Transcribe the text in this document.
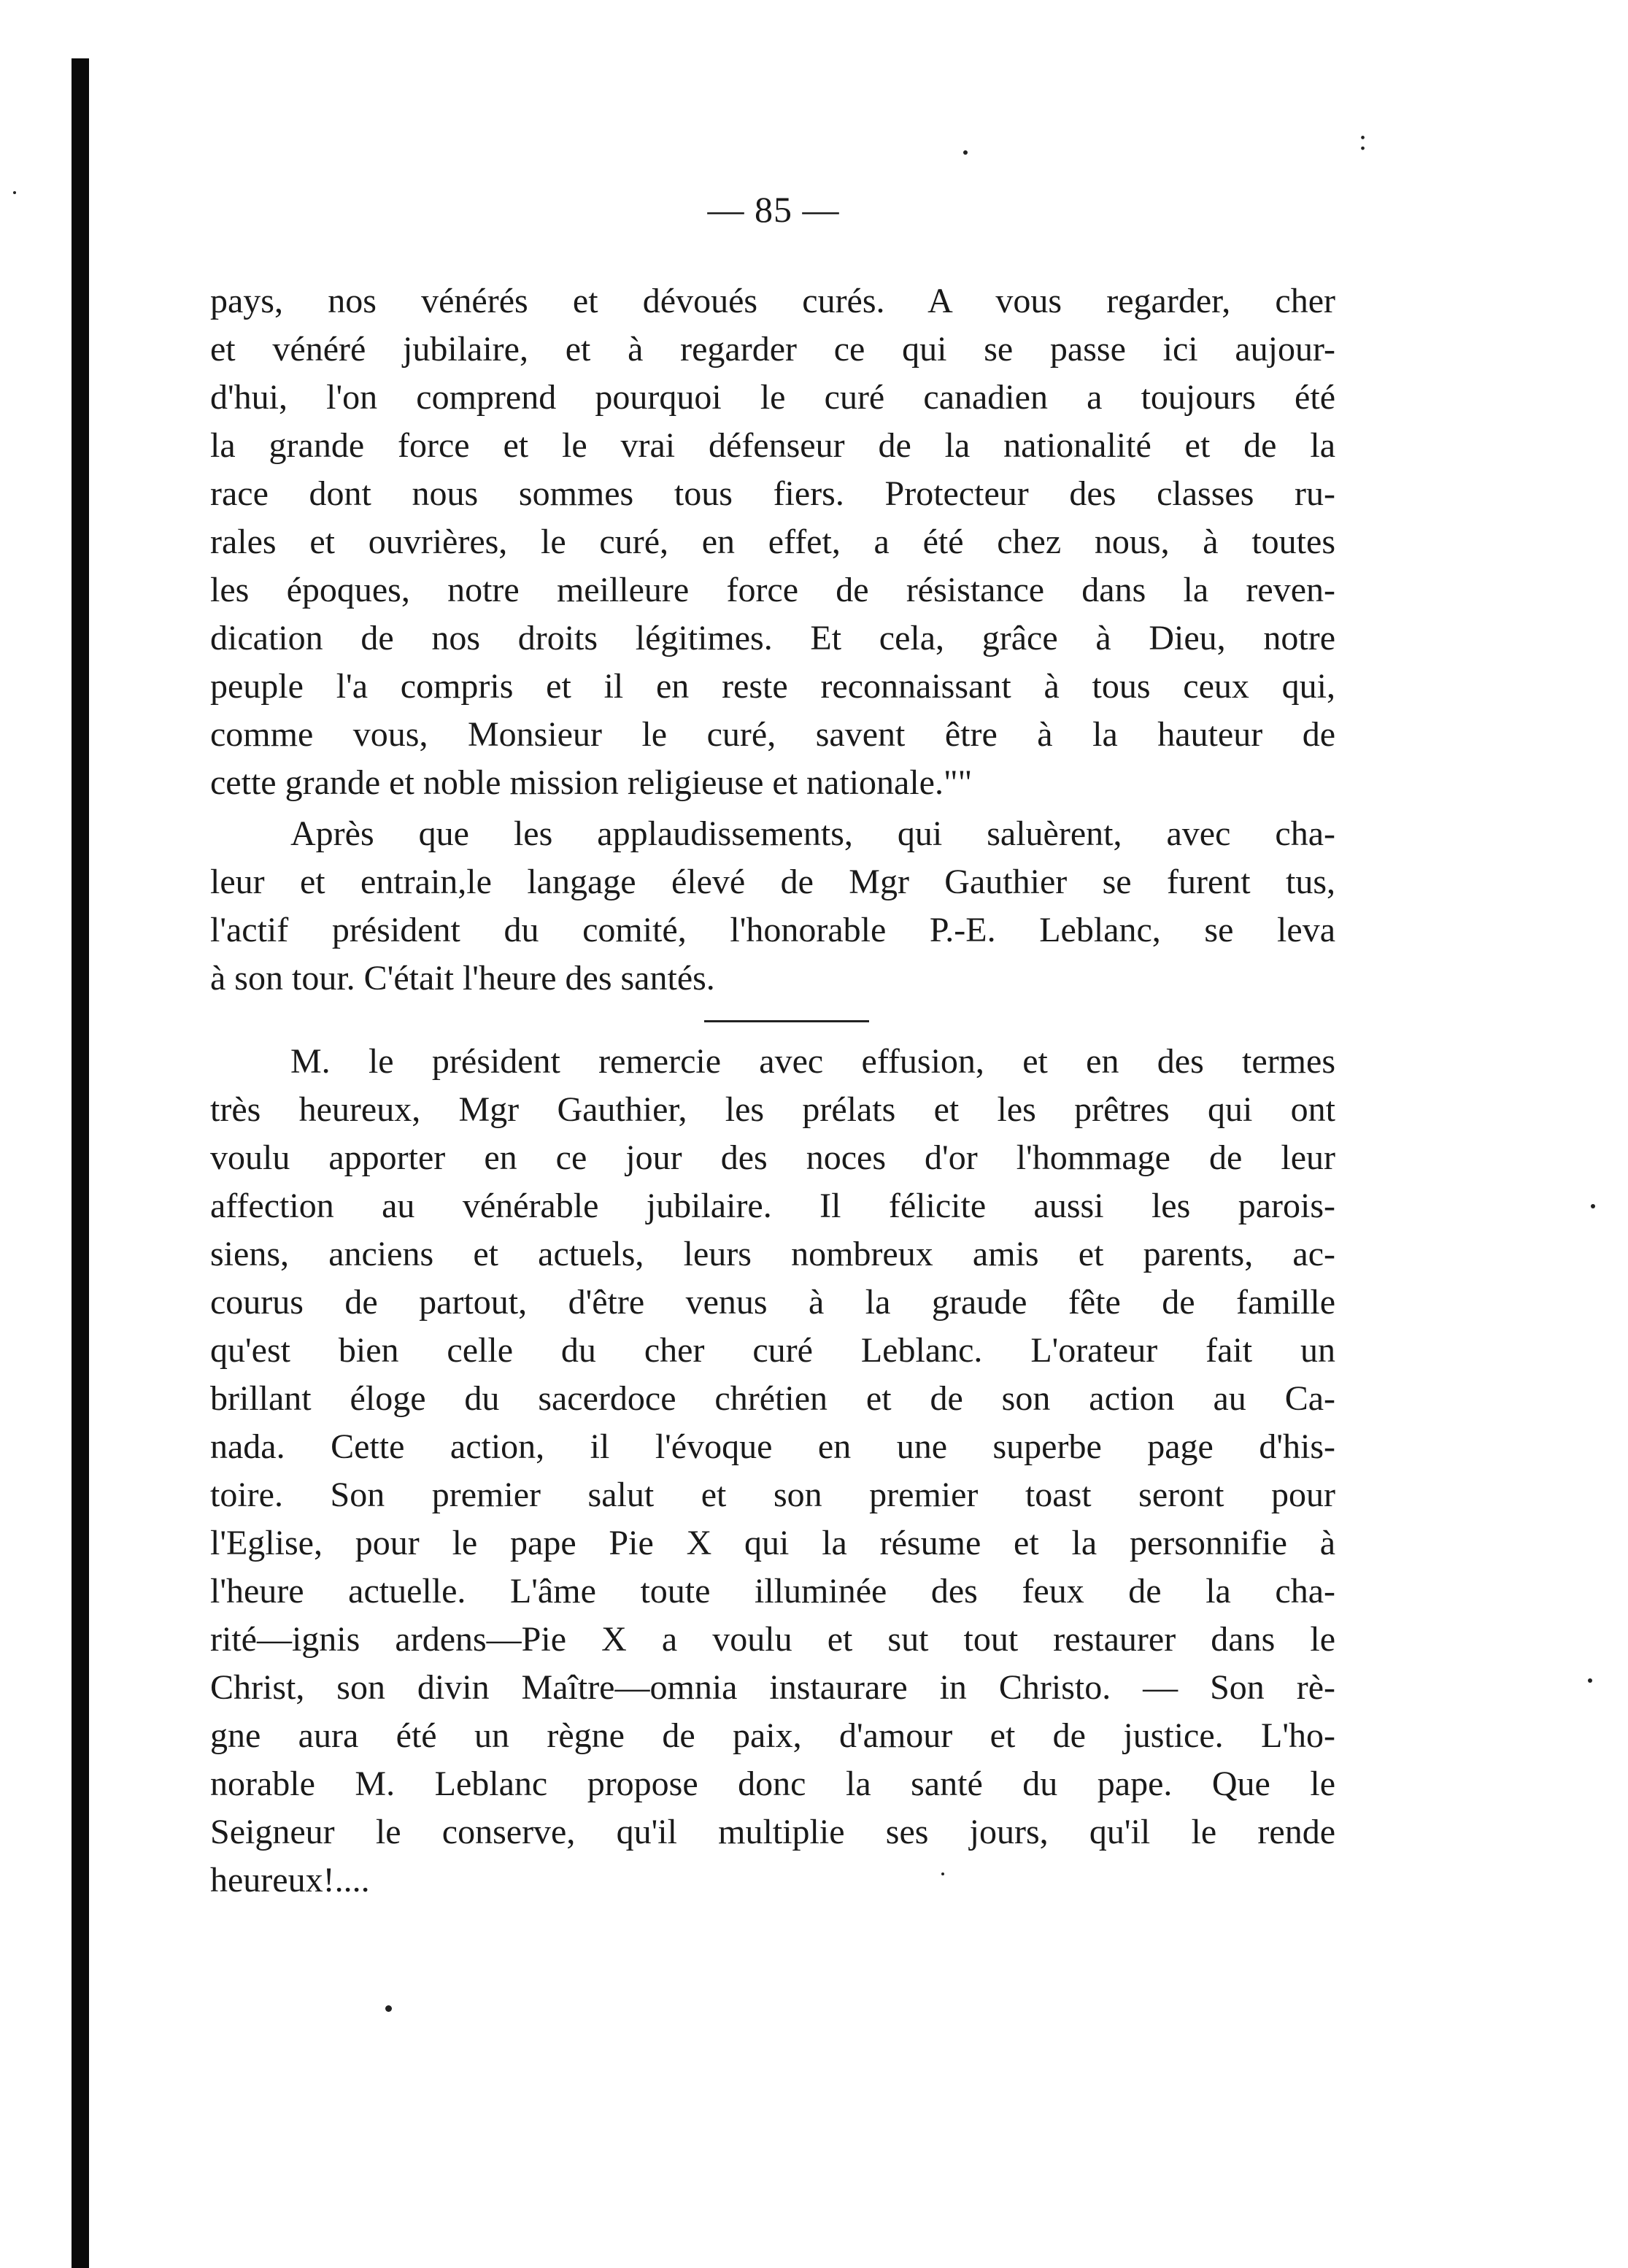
:
— 85 —
pays, nos vénérés et dévoués curés. A vous regarder, cher
et vénéré jubilaire, et à regarder ce qui se passe ici aujour-
d'hui, l'on comprend pourquoi le curé canadien a toujours été
la grande force et le vrai défenseur de la nationalité et de la
race dont nous sommes tous fiers. Protecteur des classes ru-
rales et ouvrières, le curé, en effet, a été chez nous, à toutes
les époques, notre meilleure force de résistance dans la reven-
dication de nos droits légitimes. Et cela, grâce à Dieu, notre
peuple l'a compris et il en reste reconnaissant à tous ceux qui,
comme vous, Monsieur le curé, savent être à la hauteur de
cette grande et noble mission religieuse et nationale.""
Après que les applaudissements, qui saluèrent, avec cha-
leur et entrain,le langage élevé de Mgr Gauthier se furent tus,
l'actif président du comité, l'honorable P.-E. Leblanc, se leva
à son tour. C'était l'heure des santés.
M. le président remercie avec effusion, et en des termes
très heureux, Mgr Gauthier, les prélats et les prêtres qui ont
voulu apporter en ce jour des noces d'or l'hommage de leur
affection au vénérable jubilaire. Il félicite aussi les parois-
siens, anciens et actuels, leurs nombreux amis et parents, ac-
courus de partout, d'être venus à la graude fête de famille
qu'est bien celle du cher curé Leblanc. L'orateur fait un
brillant éloge du sacerdoce chrétien et de son action au Ca-
nada. Cette action, il l'évoque en une superbe page d'his-
toire. Son premier salut et son premier toast seront pour
l'Eglise, pour le pape Pie X qui la résume et la personnifie à
l'heure actuelle. L'âme toute illuminée des feux de la cha-
rité—ignis ardens—Pie X a voulu et sut tout restaurer dans le
Christ, son divin Maître—omnia instaurare in Christo. — Son rè-
gne aura été un règne de paix, d'amour et de justice. L'ho-
norable M. Leblanc propose donc la santé du pape. Que le
Seigneur le conserve, qu'il multiplie ses jours, qu'il le rende
heureux!....
